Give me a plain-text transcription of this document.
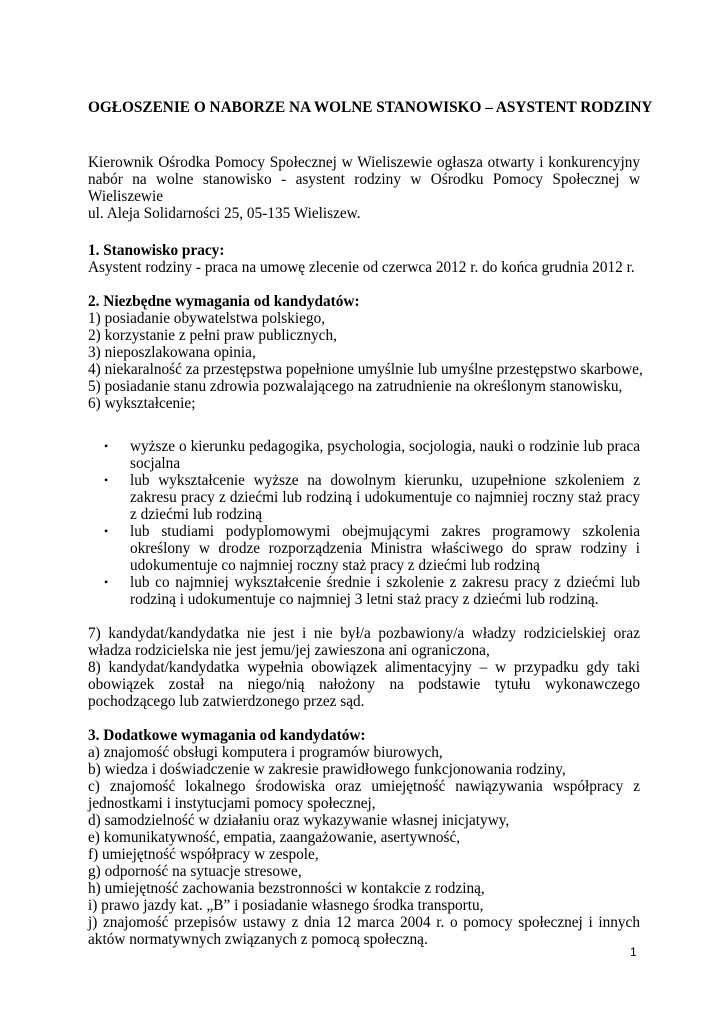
OGŁOSZENIE O NABORZE NA WOLNE STANOWISKO – ASYSTENT RODZINY

Kierownik Ośrodka Pomocy Społecznej w Wieliszewie ogłasza otwarty i konkurencyjny
nabór na wolne stanowisko - asystent rodziny w Ośrodku Pomocy Społecznej w Wieliszewie
ul. Aleja Solidarności 25, 05-135 Wieliszew.

1. Stanowisko pracy:
Asystent rodziny - praca na umowę zlecenie od czerwca 2012 r. do końca grudnia 2012 r.
2. Niezbędne wymagania od kandydatów:
1) posiadanie obywatelstwa polskiego,
2) korzystanie z pełni praw publicznych,
3) nieposzlakowana opinia,
4) niekaralność za przestępstwa popełnione umyślnie lub umyślne przestępstwo skarbowe,
5) posiadanie stanu zdrowia pozwalającego na zatrudnienie na określonym stanowisku,
6) wykształcenie;
• wyższe o kierunku pedagogika, psychologia, socjologia, nauki o rodzinie lub praca socjalna
• lub wykształcenie wyższe na dowolnym kierunku, uzupełnione szkoleniem z zakresu pracy z dziećmi lub rodziną i udokumentuje co najmniej roczny staż pracy z dziećmi lub rodziną
• lub studiami podyplomowymi obejmującymi zakres programowy szkolenia określony w drodze rozporządzenia Ministra właściwego do spraw rodziny i udokumentuje co najmniej roczny staż pracy z dziećmi lub rodziną
• lub co najmniej wykształcenie średnie i szkolenie z zakresu pracy z dziećmi lub rodziną i udokumentuje co najmniej 3 letni staż pracy z dziećmi lub rodziną.

7) kandydat/kandydatka nie jest i nie był/a pozbawiony/a władzy rodzicielskiej oraz władza rodzicielska nie jest jemu/jej zawieszona ani ograniczona,

8) kandydat/kandydatka wypełnia obowiązek alimentacyjny – w przypadku gdy taki obowiązek został na niego/nią nałożony na podstawie tytułu wykonawczego pochodzącego lub zatwierdzonego przez sąd.

3. Dodatkowe wymagania od kandydatów:

a) znajomość obsługi komputera i programów biurowych,

b) wiedza i doświadczenie w zakresie prawidłowego funkcjonowania rodziny,

c) znajomość lokalnego środowiska oraz umiejętność nawiązywania współpracy z jednostkami i instytucjami pomocy społecznej,

d) samodzielność w działaniu oraz wykazywanie własnej inicjatywy,

e) komunikatywność, empatia, zaangażowanie, asertywność,

f) umiejętność współpracy w zespole,

g) odporność na sytuacje stresowe,

h) umiejętność zachowania bezstronności w kontakcie z rodziną,

i) prawo jazdy kat. „B” i posiadanie własnego środka transportu,

j) znajomość przepisów ustawy z dnia 12 marca 2004 r. o pomocy społecznej i innych aktów normatywnych związanych z pomocą społeczną.

1
